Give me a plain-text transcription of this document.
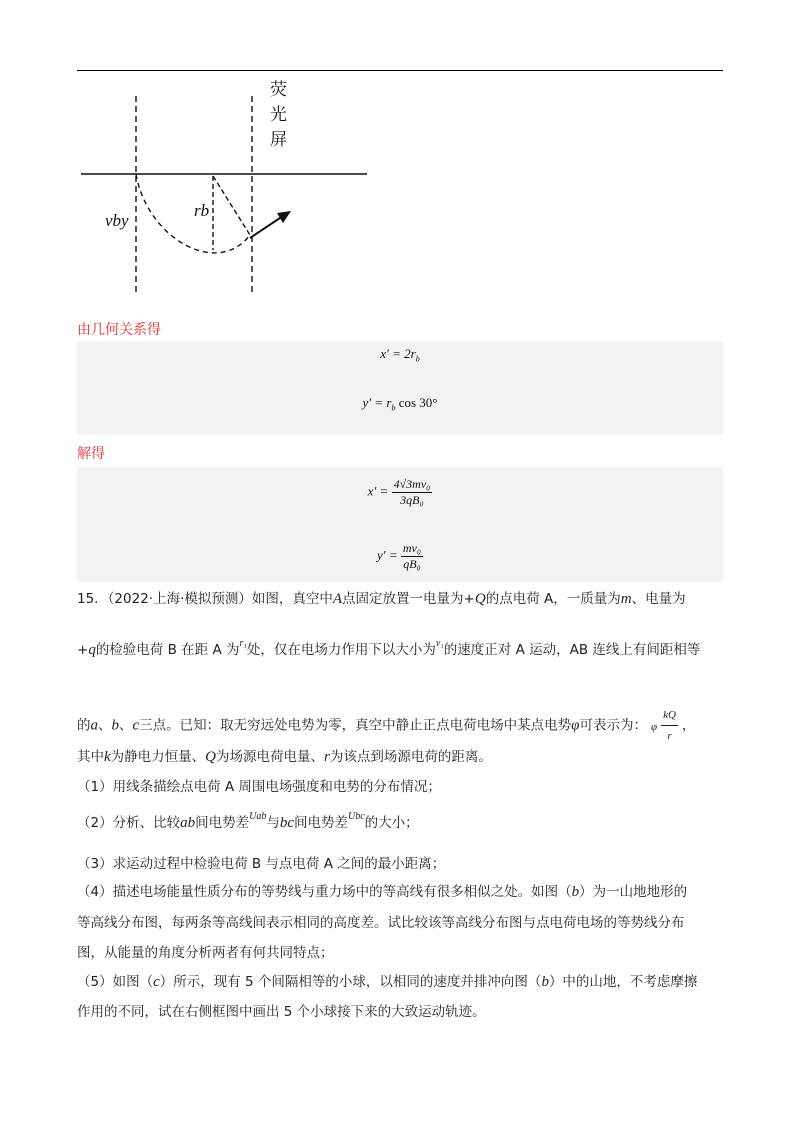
荧光屏
vby
rb
由几何关系得
$x' = 2r_b$
$y' = r_b$ cos 30°
解得
$x' = \frac{\text{4√3mv₀}}{\text{3qB₀}}$
$y' = \frac{\text{mv₀}}{\text{qB₀}}$
15．（2022·上海·模拟预测）如图，真空中A点固定放置一电量为+Q的点电荷 A，一质量为m、电量为
+q的检验电荷 B 在距 A 为$^{r_1}$处，仅在电场力作用下以大小为$^{v_1}$的速度正对 A 运动，AB 连线上有间距相等
的a、b、c三点。已知：取无穷远处电势为零，真空中静止正点电荷电场中某点电势φ可表示为： φ $\frac{kQ}{r}$ ，
其中k为静电力恒量、Q为场源电荷电量、r为该点到场源电荷的距离。
（1）用线条描绘点电荷 A 周围电场强度和电势的分布情况；
（2）分析、比较ab间电势差$^{Uab}$与bc间电势差$^{Ubc}$的大小；
（3）求运动过程中检验电荷 B 与点电荷 A 之间的最小距离；
（4）描述电场能量性质分布的等势线与重力场中的等高线有很多相似之处。如图（b）为一山地地形的
等高线分布图，每两条等高线间表示相同的高度差。试比较该等高线分布图与点电荷电场的等势线分布
图，从能量的角度分析两者有何共同特点；
（5）如图（c）所示，现有 5 个间隔相等的小球，以相同的速度并排冲向图（b）中的山地，不考虑摩擦
作用的不同，试在右侧框图中画出 5 个小球接下来的大致运动轨迹。
